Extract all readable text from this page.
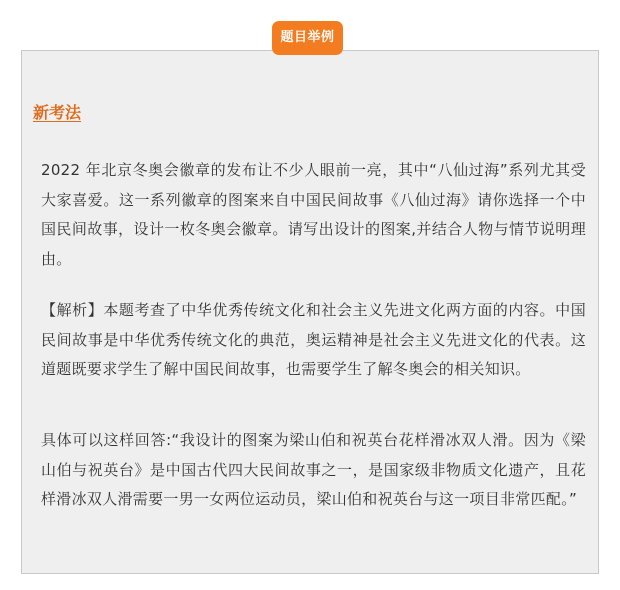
题目举例
新考法

2022 年北京冬奥会徽章的发布让不少人眼前一亮，其中“八仙过海”系列尤其受大家喜爱。这一系列徽章的图案来自中国民间故事《八仙过海》请你选择一个中国民间故事，设计一枚冬奥会徽章。请写出设计的图案,并结合人物与情节说明理由。

【解析】本题考查了中华优秀传统文化和社会主义先进文化两方面的内容。中国民间故事是中华优秀传统文化的典范，奥运精神是社会主义先进文化的代表。这道题既要求学生了解中国民间故事，也需要学生了解冬奥会的相关知识。

具体可以这样回答:“我设计的图案为梁山伯和祝英台花样滑冰双人滑。因为《梁山伯与祝英台》是中国古代四大民间故事之一，是国家级非物质文化遗产，且花样滑冰双人滑需要一男一女两位运动员，梁山伯和祝英台与这一项目非常匹配。”
